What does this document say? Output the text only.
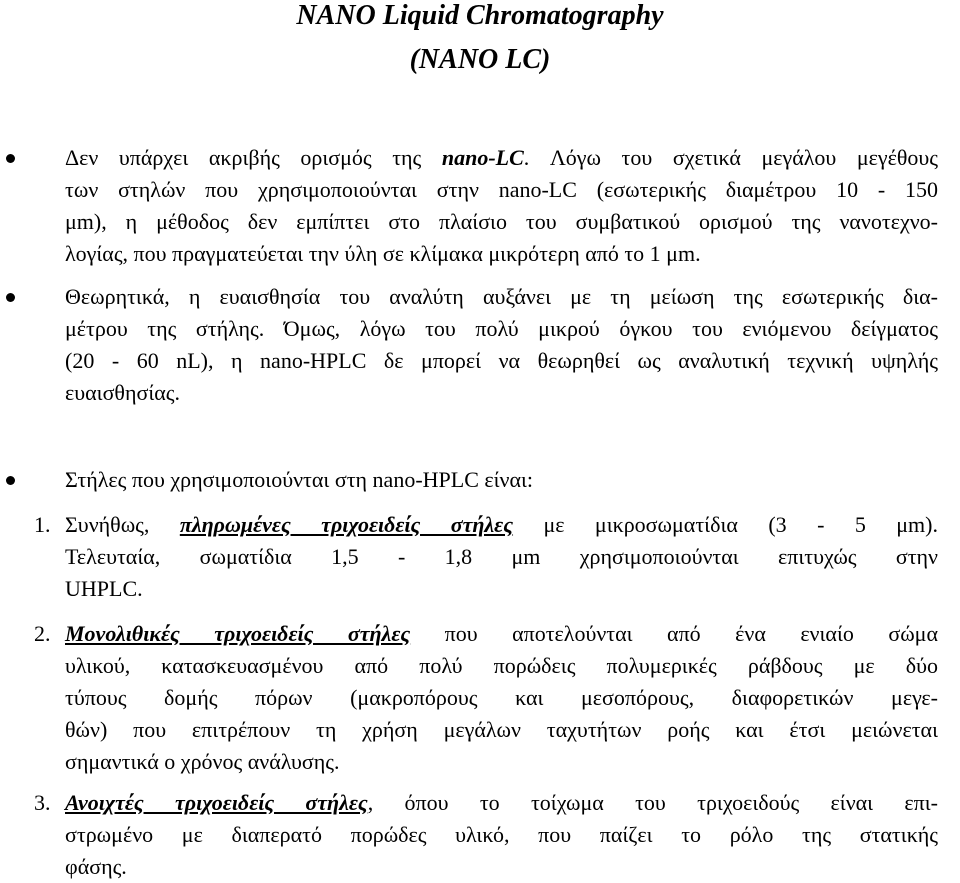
NANO Liquid Chromatography
(NANO LC)
Δεν υπάρχει ακριβής ορισμός της nano-LC. Λόγω του σχετικά μεγάλου μεγέθους
των στηλών που χρησιμοποιούνται στην nano-LC (εσωτερικής διαμέτρου 10 - 150
μm), η μέθοδος δεν εμπίπτει στο πλαίσιο του συμβατικού ορισμού της νανοτεχνο-
λογίας, που πραγματεύεται την ύλη σε κλίμακα μικρότερη από το 1 μm.
Θεωρητικά, η ευαισθησία του αναλύτη αυξάνει με τη μείωση της εσωτερικής δια-
μέτρου της στήλης. Όμως, λόγω του πολύ μικρού όγκου του ενιόμενου δείγματος
(20 - 60 nL), η nano-HPLC δε μπορεί να θεωρηθεί ως αναλυτική τεχνική υψηλής
ευαισθησίας.
Στήλες που χρησιμοποιούνται στη nano-HPLC είναι:
1. Συνήθως, πληρωμένες τριχοειδείς στήλες με μικροσωματίδια (3 - 5 μm).
Τελευταία, σωματίδια 1,5 - 1,8 μm χρησιμοποιούνται επιτυχώς στην
UHPLC.
2. Μονολιθικές τριχοειδείς στήλες που αποτελούνται από ένα ενιαίο σώμα
υλικού, κατασκευασμένου από πολύ πορώδεις πολυμερικές ράβδους με δύο
τύπους δομής πόρων (μακροπόρους και μεσοπόρους, διαφορετικών μεγε-
θών) που επιτρέπουν τη χρήση μεγάλων ταχυτήτων ροής και έτσι μειώνεται
σημαντικά ο χρόνος ανάλυσης.
3. Ανοιχτές τριχοειδείς στήλες, όπου το τοίχωμα του τριχοειδούς είναι επι-
στρωμένο με διαπερατό πορώδες υλικό, που παίζει το ρόλο της στατικής
φάσης.
